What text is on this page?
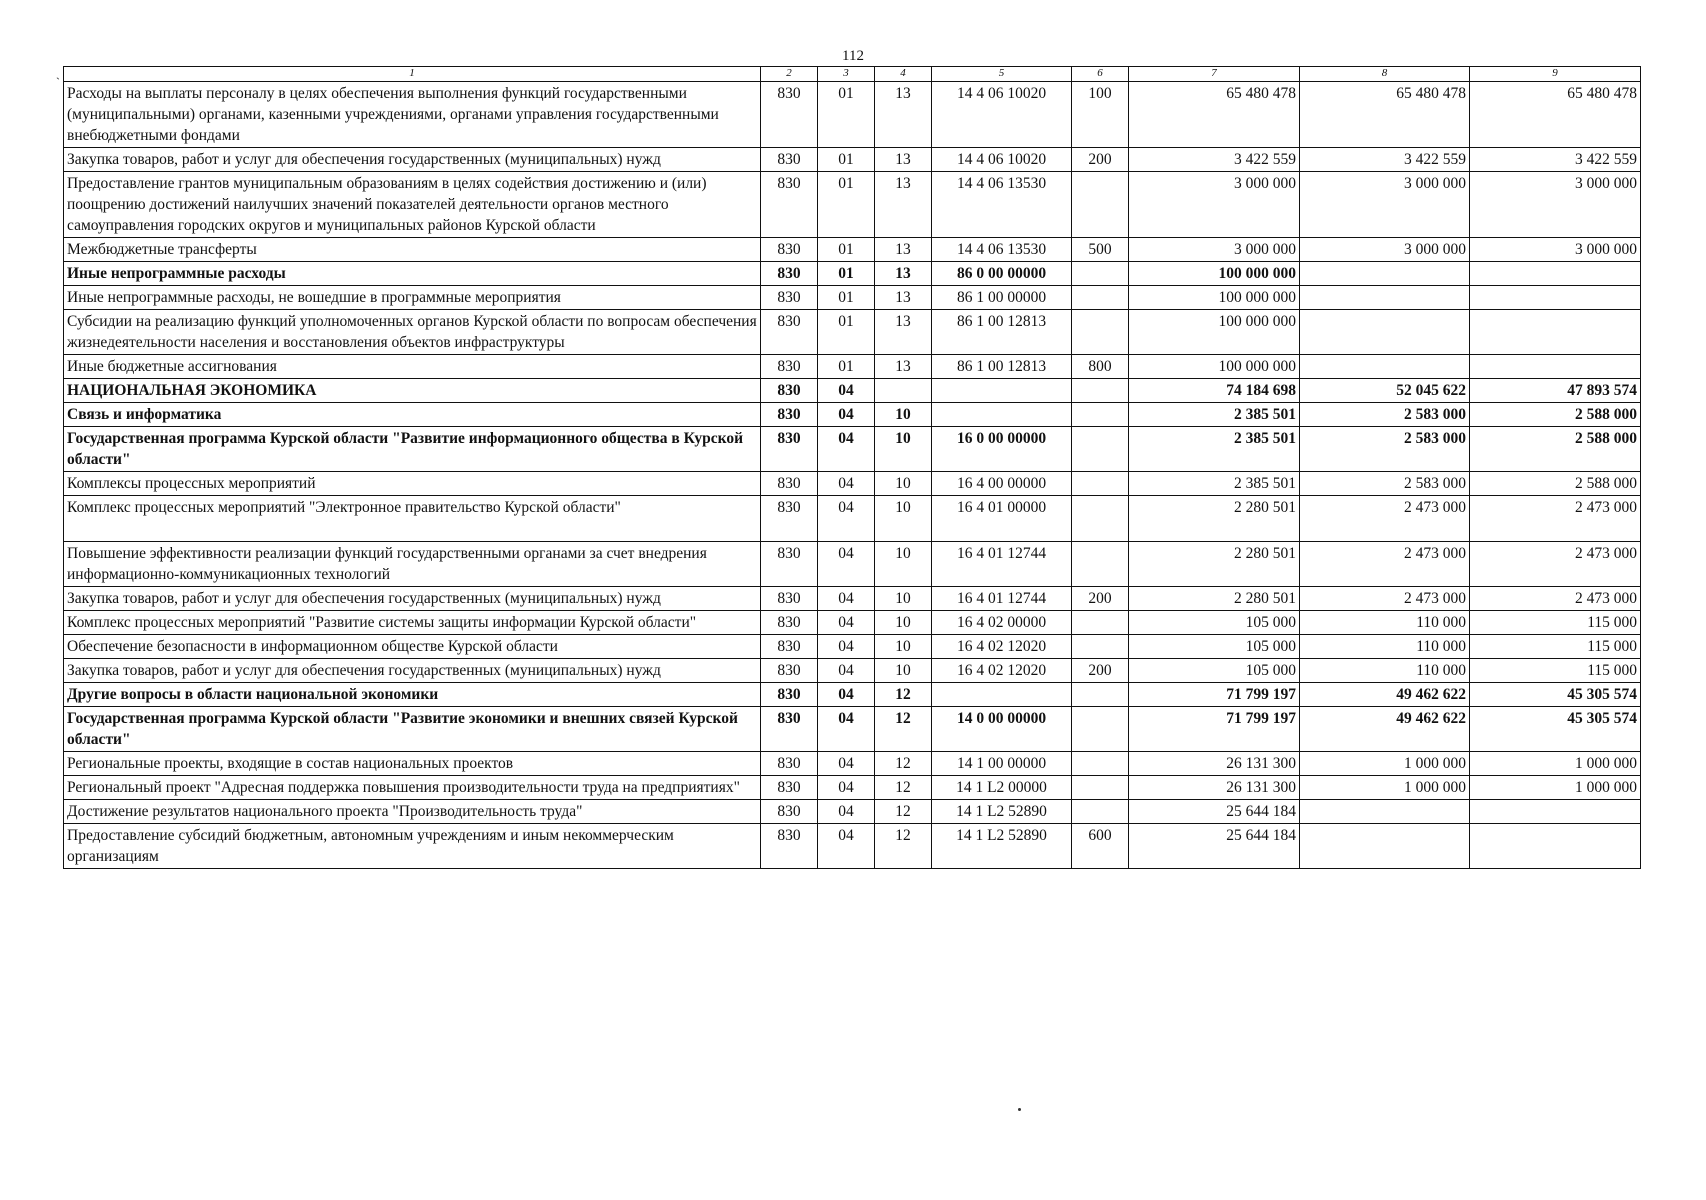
112
`
1	2	3	4	5	6	7	8	9
Расходы на выплаты персоналу в целях обеспечения выполнения функций государственными (муниципальными) органами, казенными учреждениями, органами управления государственными внебюджетными фондами	830	01	13	14 4 06 10020	100	65 480 478	65 480 478	65 480 478
Закупка товаров, работ и услуг для обеспечения государственных (муниципальных) нужд	830	01	13	14 4 06 10020	200	3 422 559	3 422 559	3 422 559
Предоставление грантов муниципальным образованиям в целях содействия достижению и (или) поощрению достижений наилучших значений показателей деятельности органов местного самоуправления городских округов и муниципальных районов Курской области	830	01	13	14 4 06 13530		3 000 000	3 000 000	3 000 000
Межбюджетные трансферты	830	01	13	14 4 06 13530	500	3 000 000	3 000 000	3 000 000
Иные непрограммные расходы	830	01	13	86 0 00 00000		100 000 000		
Иные непрограммные расходы, не вошедшие в программные мероприятия	830	01	13	86 1 00 00000		100 000 000		
Субсидии на реализацию функций уполномоченных органов Курской области по вопросам обеспечения жизнедеятельности населения и восстановления объектов инфраструктуры	830	01	13	86 1 00 12813		100 000 000		
Иные бюджетные ассигнования	830	01	13	86 1 00 12813	800	100 000 000		
НАЦИОНАЛЬНАЯ ЭКОНОМИКА	830	04				74 184 698	52 045 622	47 893 574
Связь и информатика	830	04	10			2 385 501	2 583 000	2 588 000
Государственная программа Курской области "Развитие информационного общества в Курской области"	830	04	10	16 0 00 00000		2 385 501	2 583 000	2 588 000
Комплексы процессных мероприятий	830	04	10	16 4 00 00000		2 385 501	2 583 000	2 588 000
Комплекс процессных мероприятий "Электронное правительство Курской области"	830	04	10	16 4 01 00000		2 280 501	2 473 000	2 473 000
Повышение эффективности реализации функций государственными органами за счет внедрения информационно-коммуникационных технологий	830	04	10	16 4 01 12744		2 280 501	2 473 000	2 473 000
Закупка товаров, работ и услуг для обеспечения государственных (муниципальных) нужд	830	04	10	16 4 01 12744	200	2 280 501	2 473 000	2 473 000
Комплекс процессных мероприятий "Развитие системы защиты информации Курской области"	830	04	10	16 4 02 00000		105 000	110 000	115 000
Обеспечение безопасности в информационном обществе Курской области	830	04	10	16 4 02 12020		105 000	110 000	115 000
Закупка товаров, работ и услуг для обеспечения государственных (муниципальных) нужд	830	04	10	16 4 02 12020	200	105 000	110 000	115 000
Другие вопросы в области национальной экономики	830	04	12			71 799 197	49 462 622	45 305 574
Государственная программа Курской области "Развитие экономики и внешних связей Курской области"	830	04	12	14 0 00 00000		71 799 197	49 462 622	45 305 574
Региональные проекты, входящие в состав национальных проектов	830	04	12	14 1 00 00000		26 131 300	1 000 000	1 000 000
Региональный проект "Адресная поддержка повышения производительности труда на предприятиях"	830	04	12	14 1 L2 00000		26 131 300	1 000 000	1 000 000
Достижение результатов национального проекта "Производительность труда"	830	04	12	14 1 L2 52890		25 644 184		
Предоставление субсидий бюджетным, автономным учреждениям и иным некоммерческим организациям	830	04	12	14 1 L2 52890	600	25 644 184		
